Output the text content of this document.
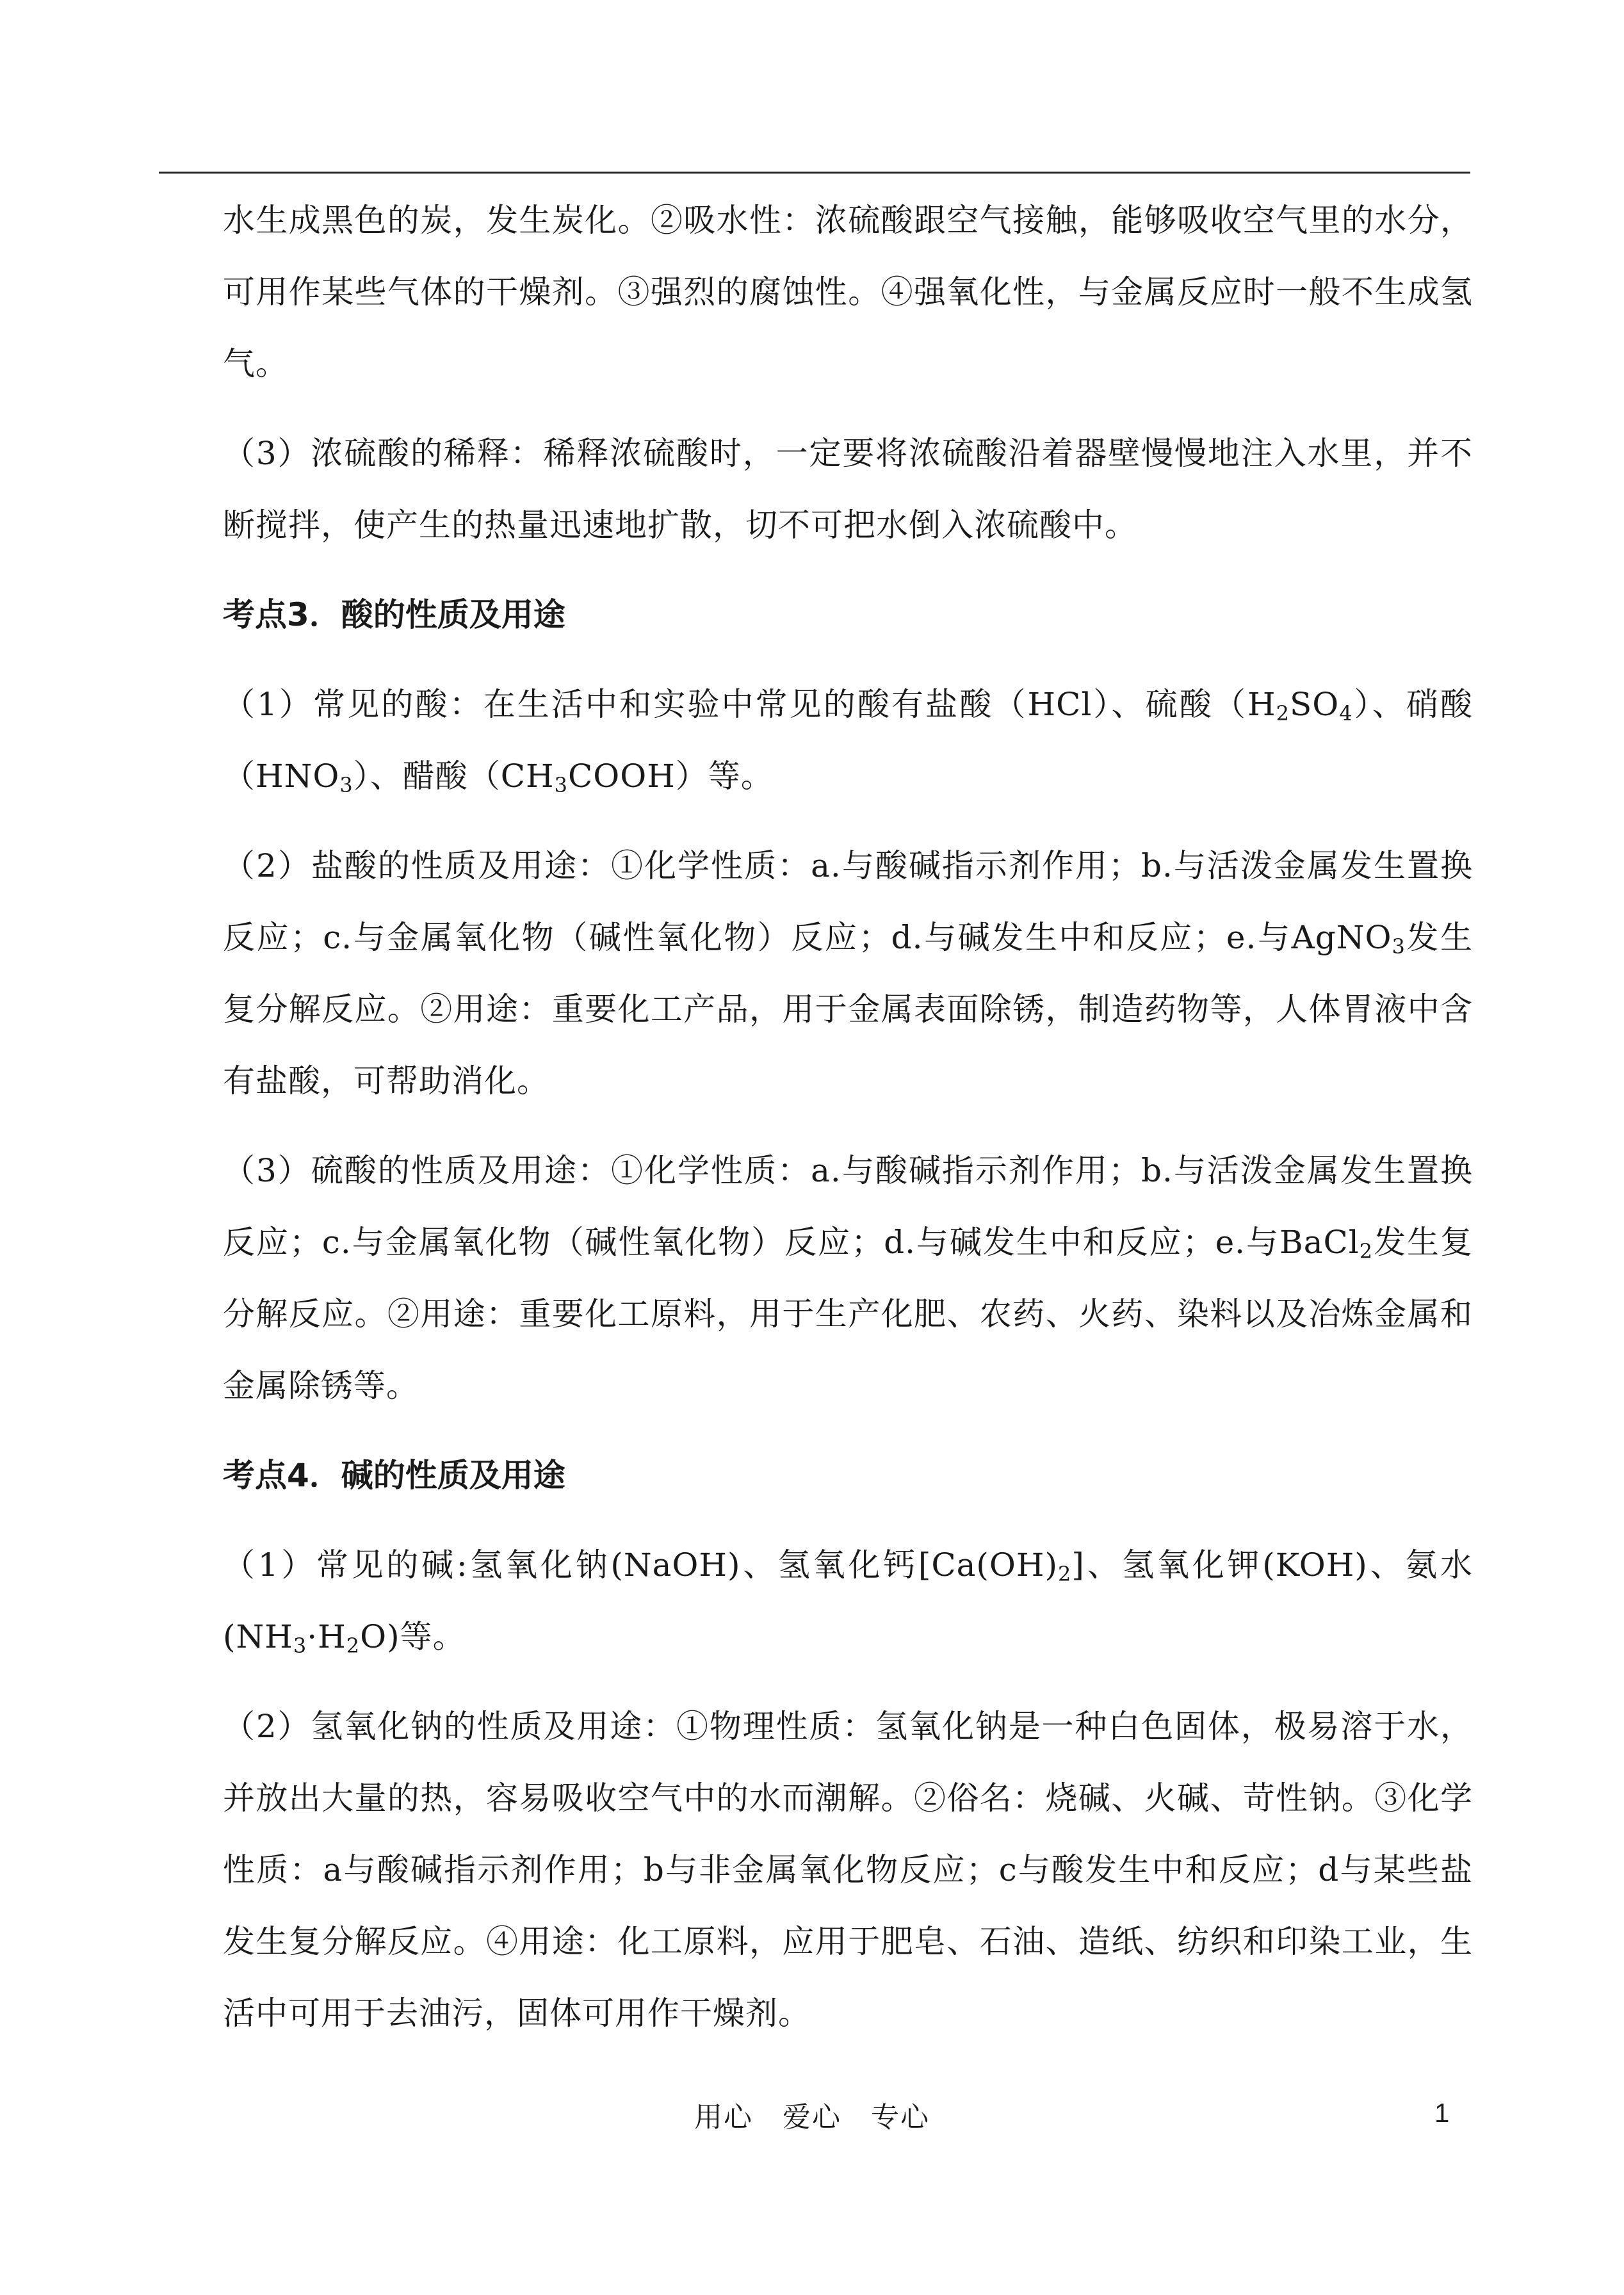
水生成黑色的炭，发生炭化。②吸水性：浓硫酸跟空气接触，能够吸收空气里的水分，可用作某些气体的干燥剂。③强烈的腐蚀性。④强氧化性，与金属反应时一般不生成氢气。

（3）浓硫酸的稀释：稀释浓硫酸时，一定要将浓硫酸沿着器壁慢慢地注入水里，并不断搅拌，使产生的热量迅速地扩散，切不可把水倒入浓硫酸中。

考点3．酸的性质及用途

（1）常见的酸：在生活中和实验中常见的酸有盐酸（HCl）、硫酸$(H_2SO_4)$、硝酸$(HNO_3)$、醋酸$(CH_3COOH)$等。

（2）盐酸的性质及用途：①化学性质：a.与酸碱指示剂作用；b.与活泼金属发生置换反应；c.与金属氧化物（碱性氧化物）反应；d.与碱发生中和反应；e.与AgNO$_3$发生复分解反应。②用途：重要化工产品，用于金属表面除锈，制造药物等，人体胃液中含有盐酸，可帮助消化。

（3）硫酸的性质及用途：①化学性质：a.与酸碱指示剂作用；b.与活泼金属发生置换反应；c.与金属氧化物（碱性氧化物）反应；d.与碱发生中和反应；e.与BaCl$_2$发生复分解反应。②用途：重要化工原料，用于生产化肥、农药、火药、染料以及冶炼金属和金属除锈等。

考点4．碱的性质及用途

（1）常见的碱:氢氧化钠(NaOH)、氢氧化钙$[Ca(OH)_2]$、氢氧化钾(KOH)、氨水$(NH_3\cdot H_2O)$等。

（2）氢氧化钠的性质及用途：①物理性质：氢氧化钠是一种白色固体，极易溶于水，并放出大量的热，容易吸收空气中的水而潮解。②俗名：烧碱、火碱、苛性钠。③化学性质：a与酸碱指示剂作用；b与非金属氧化物反应；c与酸发生中和反应；d与某些盐发生复分解反应。④用途：化工原料，应用于肥皂、石油、造纸、纺织和印染工业，生活中可用于去油污，固体可用作干燥剂。

用心　爱心　专心	1
